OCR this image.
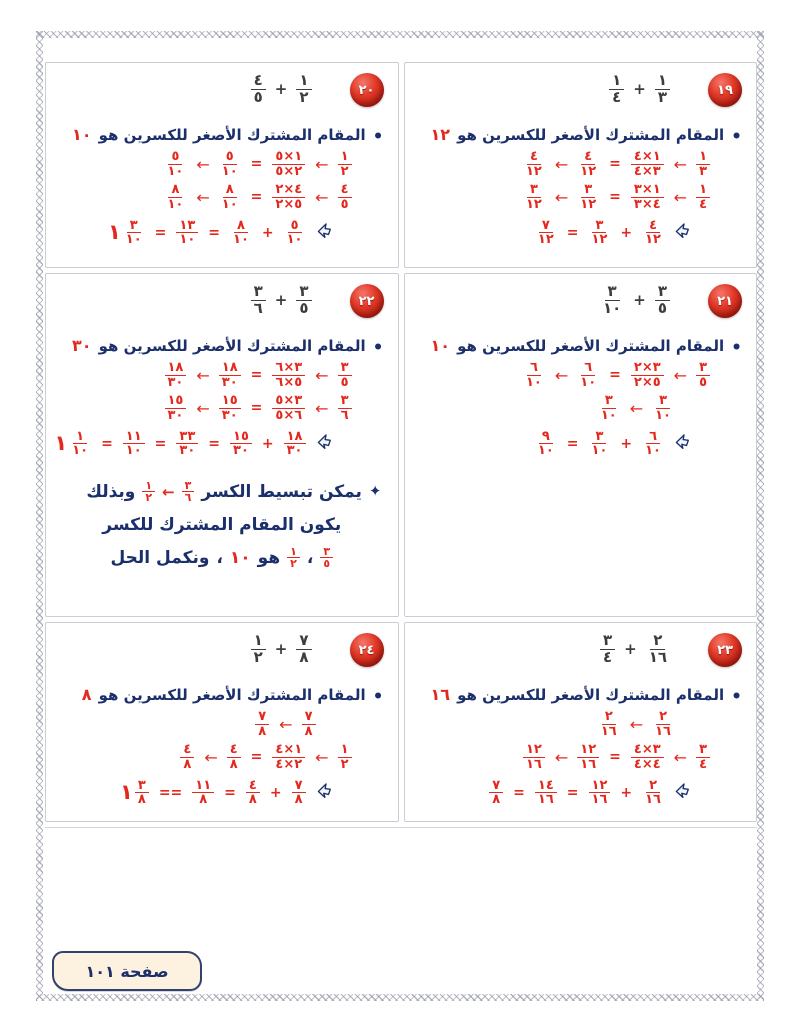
١٩
$\frac{١}{٣}$
+
$\frac{١}{٤}$
•
المقام المشترك الأصغر للكسرين هو
١٢
$\frac{١}{٣}$
←
$\frac{٤\times ١}{٤\times ٣}$
=
$\frac{٤}{١٢}$
←
$\frac{٤}{١٢}$
$\frac{١}{٤}$
←
$\frac{٣\times ١}{٣\times ٤}$
=
$\frac{٣}{١٢}$
←
$\frac{٣}{١٢}$
$\frac{٤}{١٢}$
+
$\frac{٣}{١٢}$
=
$\frac{٧}{١٢}$
٢٠
$\frac{١}{٢}$
+
$\frac{٤}{٥}$
•
المقام المشترك الأصغر للكسرين هو
١٠
$\frac{١}{٢}$
←
$\frac{٥\times ١}{٥\times ٢}$
=
$\frac{٥}{١٠}$
←
$\frac{٥}{١٠}$
$\frac{٤}{٥}$
←
$\frac{٢\times ٤}{٢\times ٥}$
=
$\frac{٨}{١٠}$
←
$\frac{٨}{١٠}$
$\frac{٥}{١٠}$
+
$\frac{٨}{١٠}$
=
$\frac{١٣}{١٠}$
=
١ $\frac{٣}{١٠}$
٢١
$\frac{٣}{٥}$
+
$\frac{٣}{١٠}$
•
المقام المشترك الأصغر للكسرين هو
١٠
$\frac{٣}{٥}$
←
$\frac{٢\times ٣}{٢\times ٥}$
=
$\frac{٦}{١٠}$
←
$\frac{٦}{١٠}$
$\frac{٣}{١٠}$
←
$\frac{٣}{١٠}$
$\frac{٦}{١٠}$
+
$\frac{٣}{١٠}$
=
$\frac{٩}{١٠}$
٢٢
$\frac{٣}{٥}$
+
$\frac{٣}{٦}$
•
المقام المشترك الأصغر للكسرين هو
٣٠
$\frac{٣}{٥}$
←
$\frac{٦\times ٣}{٦\times ٥}$
=
$\frac{١٨}{٣٠}$
←
$\frac{١٨}{٣٠}$
$\frac{٣}{٦}$
←
$\frac{٥\times ٣}{٥\times ٦}$
=
$\frac{١٥}{٣٠}$
←
$\frac{١٥}{٣٠}$
$\frac{١٨}{٣٠}$
+
$\frac{١٥}{٣٠}$
=
$\frac{٣٣}{٣٠}$
=
$\frac{١١}{١٠}$
=
١ $\frac{١}{١٠}$
✦
يمكن تبسيط الكسر
$\frac{٣}{٦}$
←
$\frac{١}{٢}$
وبذلك
يكون المقام المشترك للكسر
$\frac{٣}{٥}$
،
$\frac{١}{٢}$
هو
١٠
،
ونكمل الحل
٢٣
$\frac{٢}{١٦}$
+
$\frac{٣}{٤}$
•
المقام المشترك الأصغر للكسرين هو
١٦
$\frac{٢}{١٦}$
←
$\frac{٢}{١٦}$
$\frac{٣}{٤}$
←
$\frac{٤\times ٣}{٤\times ٤}$
=
$\frac{١٢}{١٦}$
←
$\frac{١٢}{١٦}$
$\frac{٢}{١٦}$
+
$\frac{١٢}{١٦}$
=
$\frac{١٤}{١٦}$
=
$\frac{٧}{٨}$
٢٤
$\frac{٧}{٨}$
+
$\frac{١}{٢}$
•
المقام المشترك الأصغر للكسرين هو
٨
$\frac{٧}{٨}$
←
$\frac{٧}{٨}$
$\frac{١}{٢}$
←
$\frac{٤\times ١}{٤\times ٢}$
=
$\frac{٤}{٨}$
←
$\frac{٤}{٨}$
$\frac{٧}{٨}$
+
$\frac{٤}{٨}$
=
$\frac{١١}{٨}$
==
١ $\frac{٣}{٨}$
صفحة ١٠١
